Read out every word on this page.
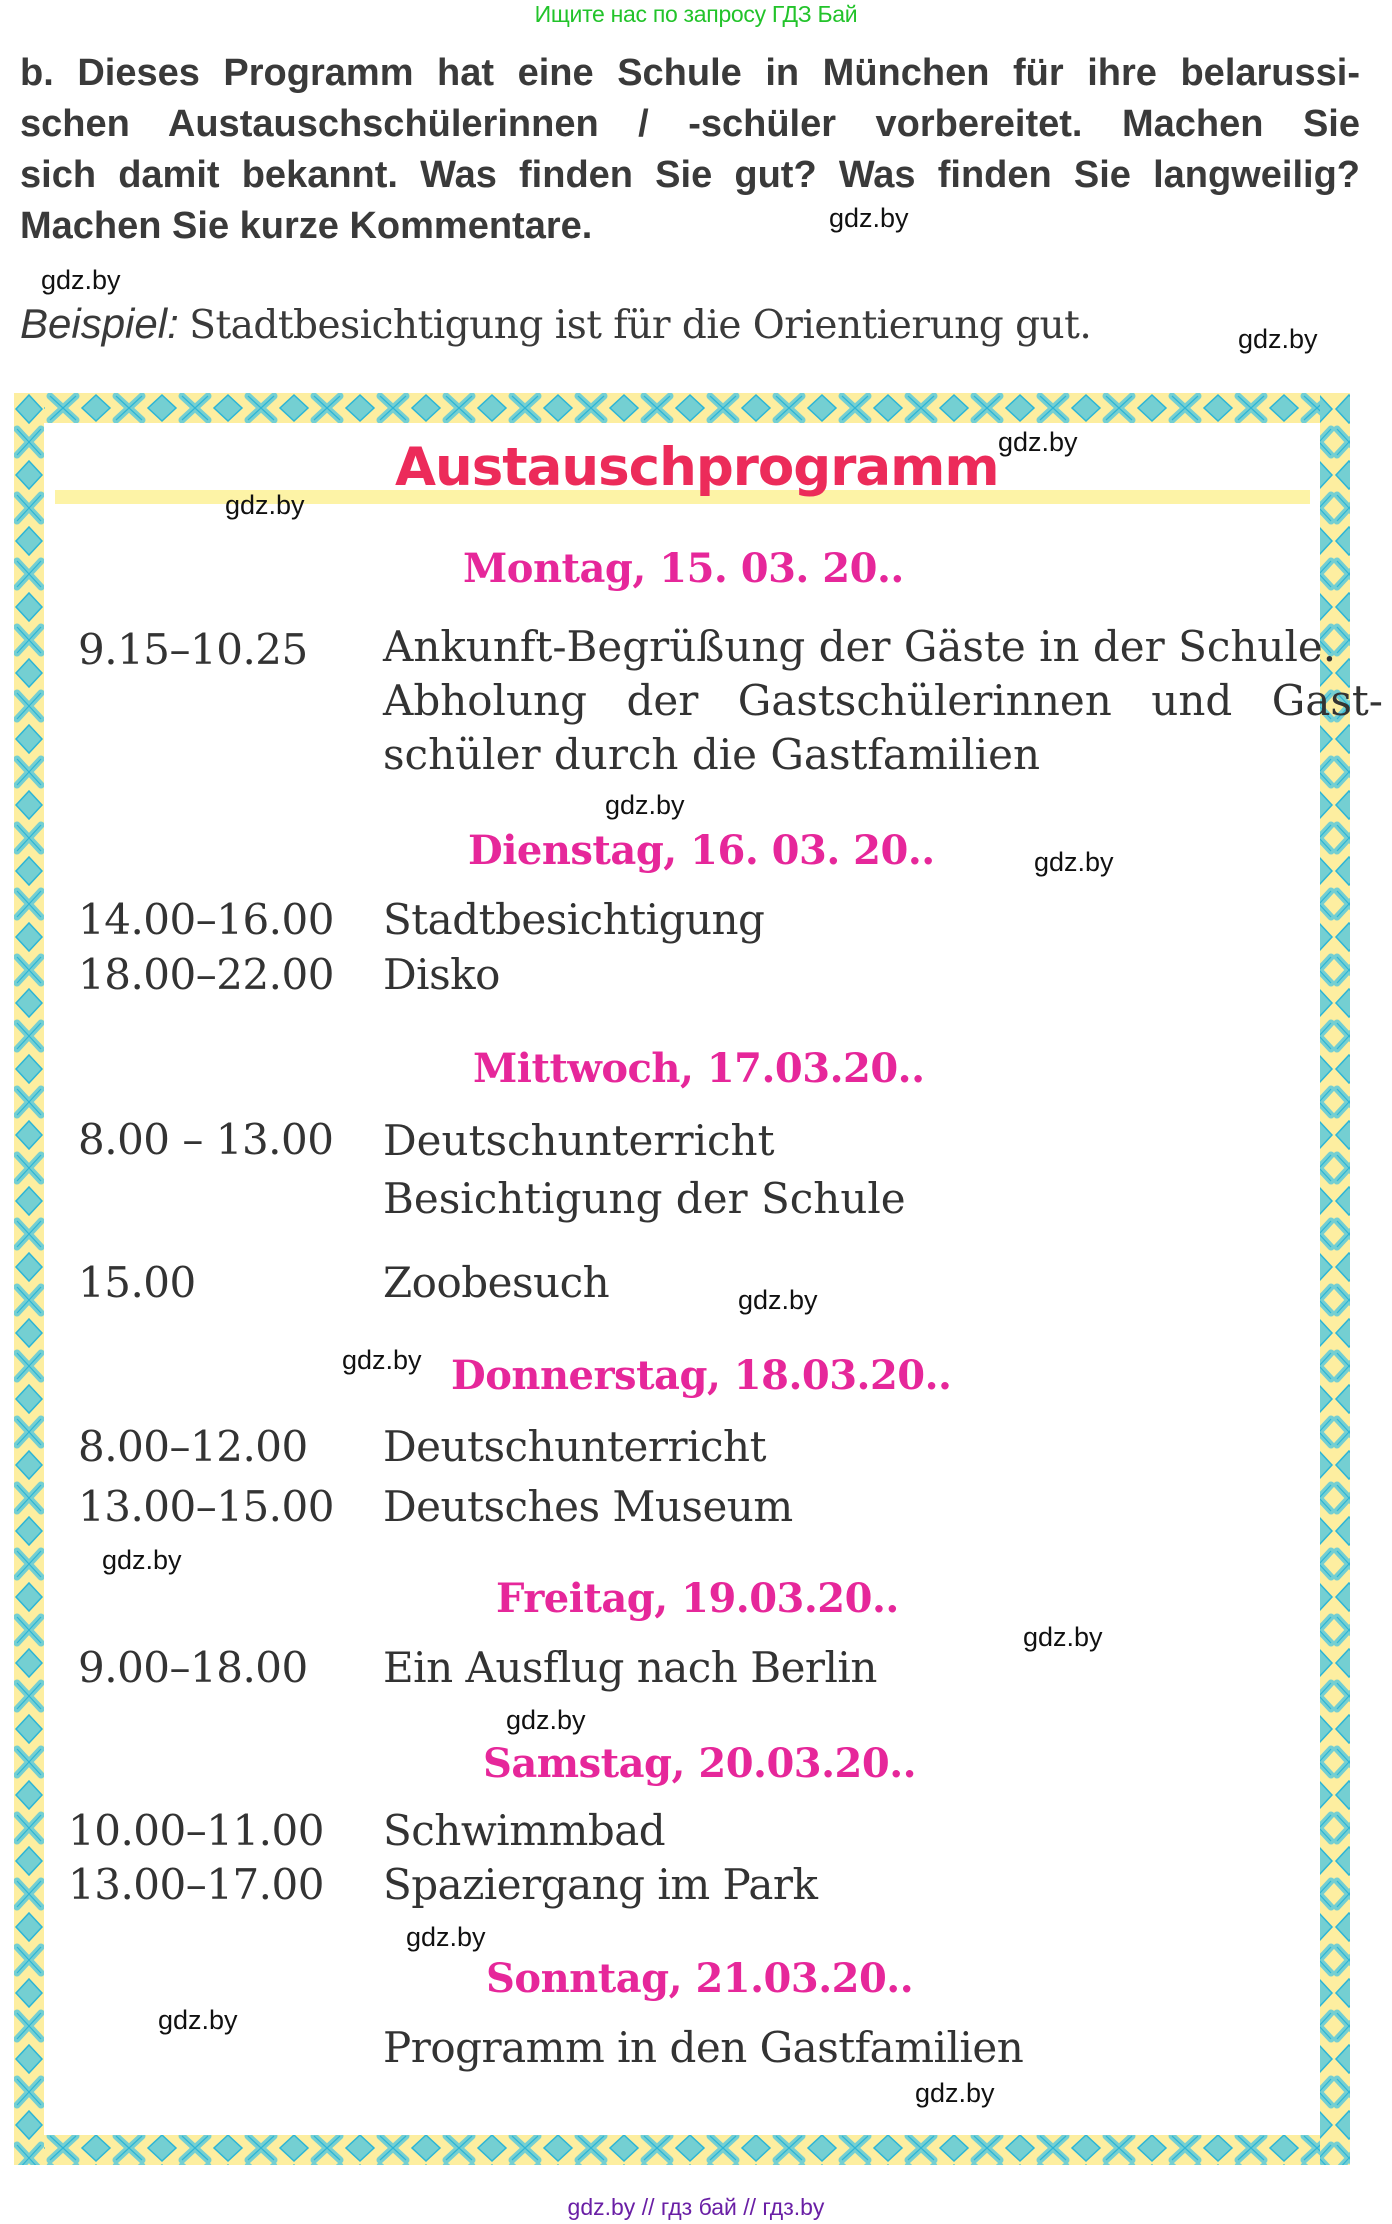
Ищите нас по запросу ГДЗ Бай
b. Dieses Programm hat eine Schule in München für ihre belarussi-
schen Austauschschülerinnen / -schüler vorbereitet. Machen Sie
sich damit bekannt. Was finden Sie gut? Was finden Sie langweilig?
Machen Sie kurze Kommentare.
Beispiel: Stadtbesichtigung ist für die Orientierung gut.
Austauschprogramm
Montag, 15. 03. 20..
9.15–10.25 Ankunft-Begrüßung der Gäste in der Schule.
Abholung der Gastschülerinnen und Gast-
schüler durch die Gastfamilien
Dienstag, 16. 03. 20..
14.00–16.00 Stadtbesichtigung
18.00–22.00 Disko
Mittwoch, 17.03.20..
8.00 – 13.00 Deutschunterricht
Besichtigung der Schule
15.00	Zoobesuch
Donnerstag, 18.03.20..
8.00–12.00 Deutschunterricht
13.00–15.00 Deutsches Museum
Freitag, 19.03.20..
9.00–18.00 Ein Ausflug nach Berlin
Samstag, 20.03.20..
10.00–11.00 Schwimmbad
13.00–17.00 Spaziergang im Park
Sonntag, 21.03.20..
Programm in den Gastfamilien
gdz.by
gdz.by
gdz.by
gdz.by
gdz.by
gdz.by
gdz.by
gdz.by
gdz.by
gdz.by
gdz.by
gdz.by
gdz.by
gdz.by
gdz.by
gdz.by // гдз бай // гдз.by
